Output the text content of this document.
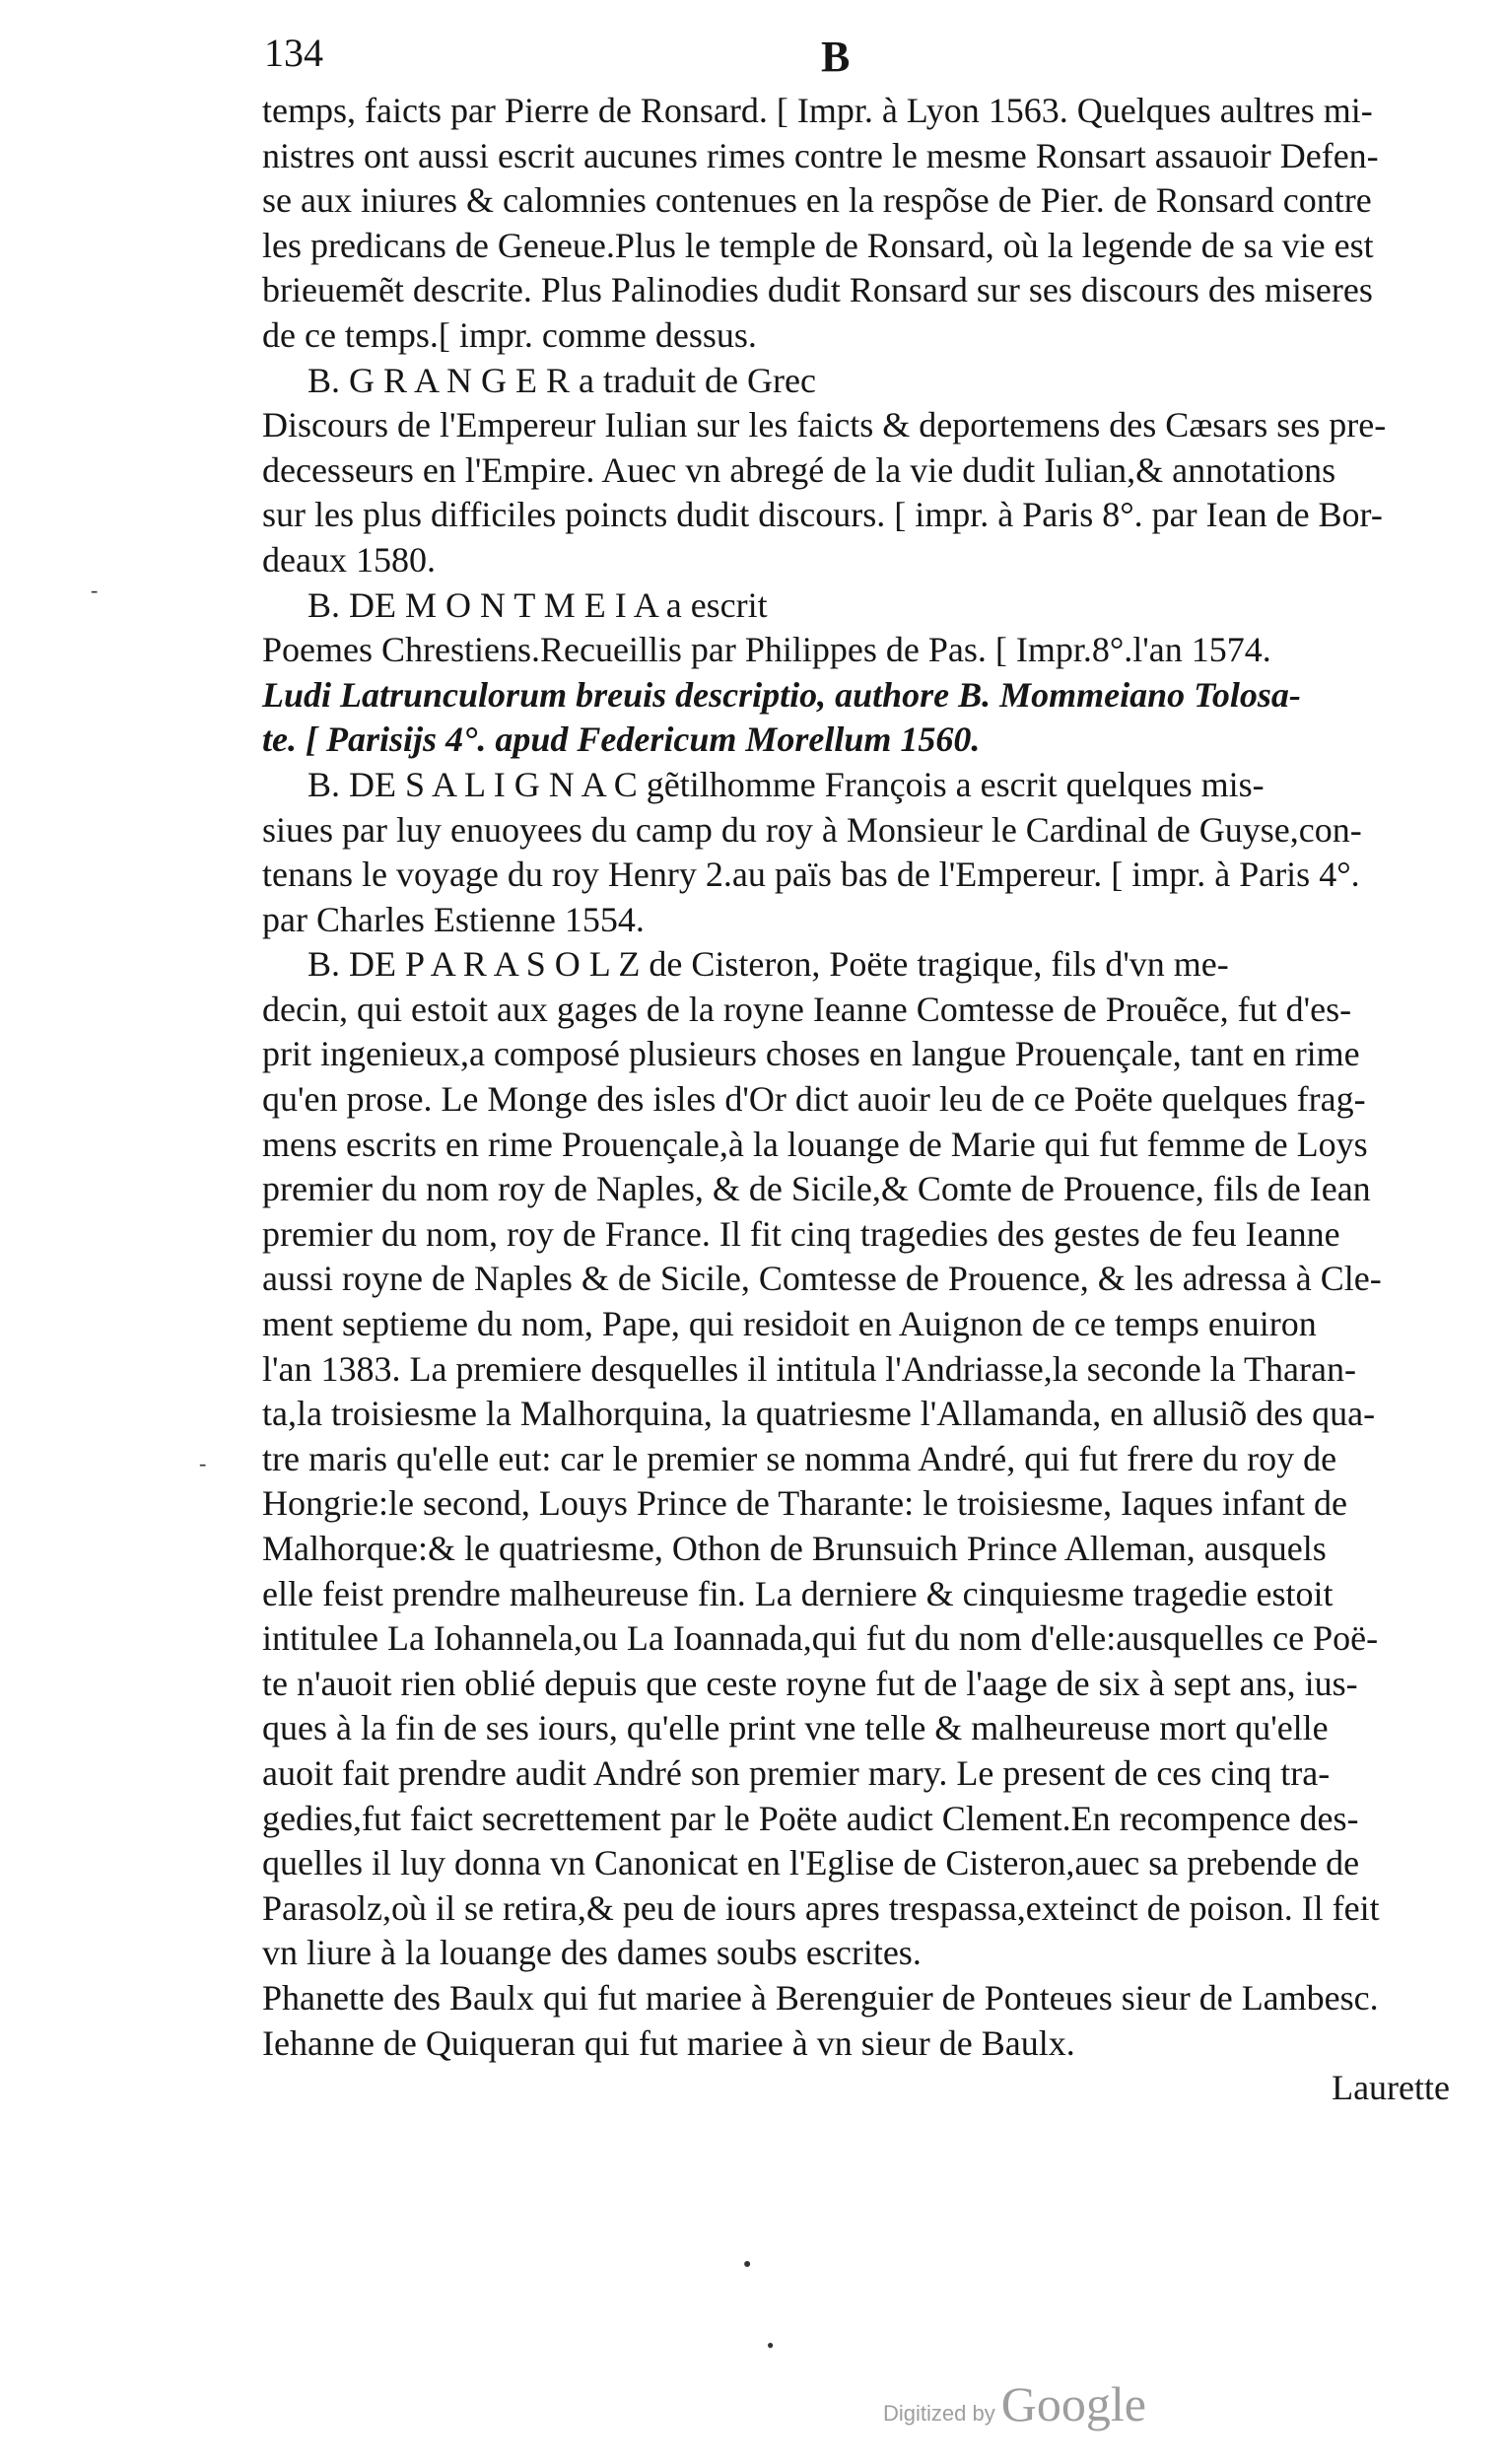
134	B
temps, faicts par Pierre de Ronsard. [ Impr. à Lyon 1563. Quelques aultres mi-
nistres ont aussi escrit aucunes rimes contre le mesme Ronsart assauoir Defen-
se aux iniures & calomnies contenues en la respõse de Pier. de Ronsard contre
les predicans de Geneue.Plus le temple de Ronsard, où la legende de sa vie est
brieuemẽt descrite. Plus Palinodies dudit Ronsard sur ses discours des miseres
de ce temps.[ impr. comme dessus.
B. G R A N G E R a traduit de Grec
Discours de l'Empereur Iulian sur les faicts & deportemens des Cæsars ses pre-
decesseurs en l'Empire. Auec vn abregé de la vie dudit Iulian,& annotations
sur les plus difficiles poincts dudit discours. [ impr. à Paris 8°. par Iean de Bor-
deaux 1580.
B. DE M O N T M E I A a escrit
Poemes Chrestiens.Recueillis par Philippes de Pas. [ Impr.8°.l'an 1574.
Ludi Latrunculorum breuis descriptio, authore B. Mommeiano Tolosa-
te. [ Parisijs 4°. apud Federicum Morellum 1560.
B. DE S A L I G N A C gẽtilhomme François a escrit quelques mis-
siues par luy enuoyees du camp du roy à Monsieur le Cardinal de Guyse,con-
tenans le voyage du roy Henry 2.au païs bas de l'Empereur. [ impr. à Paris 4°.
par Charles Estienne 1554.
B. DE P A R A S O L Z de Cisteron, Poëte tragique, fils d'vn me-
decin, qui estoit aux gages de la royne Ieanne Comtesse de Prouẽce, fut d'es-
prit ingenieux,a composé plusieurs choses en langue Prouençale, tant en rime
qu'en prose. Le Monge des isles d'Or dict auoir leu de ce Poëte quelques frag-
mens escrits en rime Prouençale,à la louange de Marie qui fut femme de Loys
premier du nom roy de Naples, & de Sicile,& Comte de Prouence, fils de Iean
premier du nom, roy de France. Il fit cinq tragedies des gestes de feu Ieanne
aussi royne de Naples & de Sicile, Comtesse de Prouence, & les adressa à Cle-
ment septieme du nom, Pape, qui residoit en Auignon de ce temps enuiron
l'an 1383. La premiere desquelles il intitula l'Andriasse,la seconde la Tharan-
ta,la troisiesme la Malhorquina, la quatriesme l'Allamanda, en allusiõ des qua-
tre maris qu'elle eut: car le premier se nomma André, qui fut frere du roy de
Hongrie:le second, Louys Prince de Tharante: le troisiesme, Iaques infant de
Malhorque:& le quatriesme, Othon de Brunsuich Prince Alleman, ausquels
elle feist prendre malheureuse fin. La derniere & cinquiesme tragedie estoit
intitulee La Iohannela,ou La Ioannada,qui fut du nom d'elle:ausquelles ce Poë-
te n'auoit rien oblié depuis que ceste royne fut de l'aage de six à sept ans, ius-
ques à la fin de ses iours, qu'elle print vne telle & malheureuse mort qu'elle
auoit fait prendre audit André son premier mary. Le present de ces cinq tra-
gedies,fut faict secrettement par le Poëte audict Clement.En recompence des-
quelles il luy donna vn Canonicat en l'Eglise de Cisteron,auec sa prebende de
Parasolz,où il se retira,& peu de iours apres trespassa,exteinct de poison. Il feit
vn liure à la louange des dames soubs escrites.
Phanette des Baulx qui fut mariee à Berenguier de Ponteues sieur de Lambesc.
Iehanne de Quiqueran qui fut mariee à vn sieur de Baulx.
Laurette
-
-
●
●
Digitized by Google
